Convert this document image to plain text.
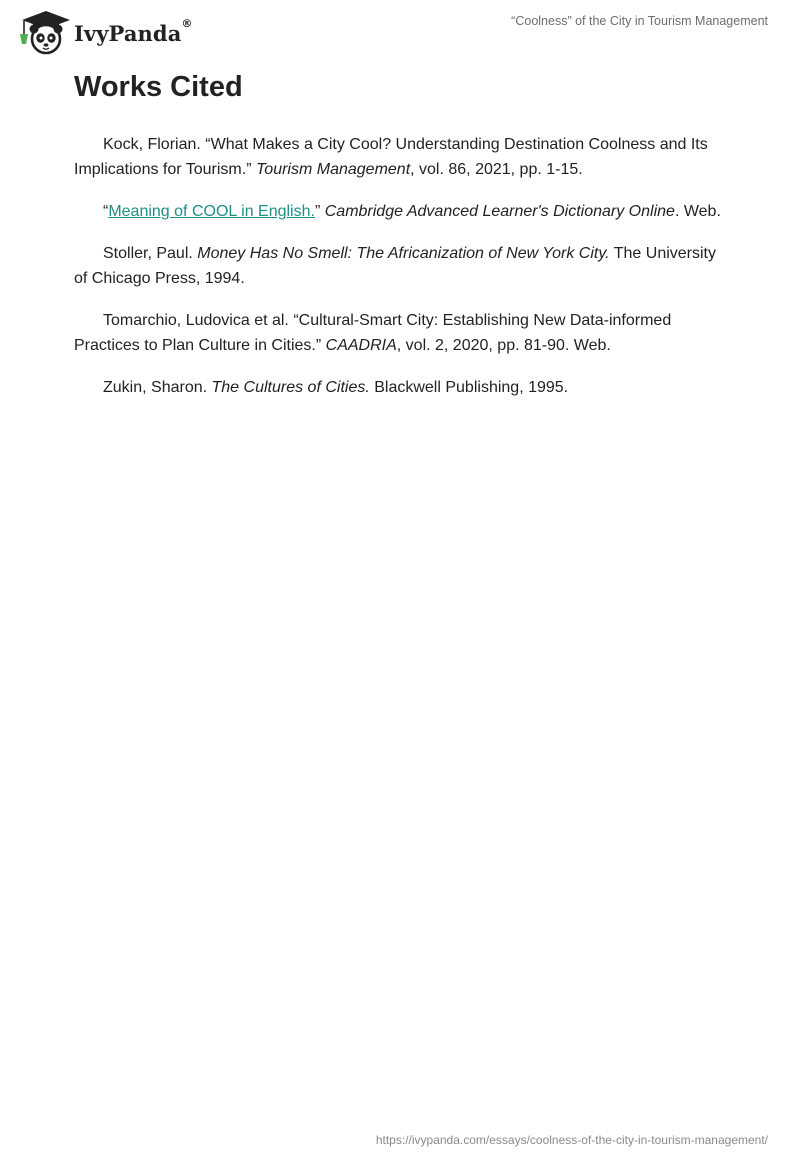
IvyPanda ®	“Coolness” of the City in Tourism Management
Works Cited

Kock, Florian. “What Makes a City Cool? Understanding Destination Coolness and Its Implications for Tourism.” Tourism Management, vol. 86, 2021, pp. 1-15.

“Meaning of COOL in English.” Cambridge Advanced Learner's Dictionary Online. Web.

Stoller, Paul. Money Has No Smell: The Africanization of New York City. The University of Chicago Press, 1994.

Tomarchio, Ludovica et al. “Cultural-Smart City: Establishing New Data-informed Practices to Plan Culture in Cities.” CAADRIA, vol. 2, 2020, pp. 81-90. Web.

Zukin, Sharon. The Cultures of Cities. Blackwell Publishing, 1995.

https://ivypanda.com/essays/coolness-of-the-city-in-tourism-management/
